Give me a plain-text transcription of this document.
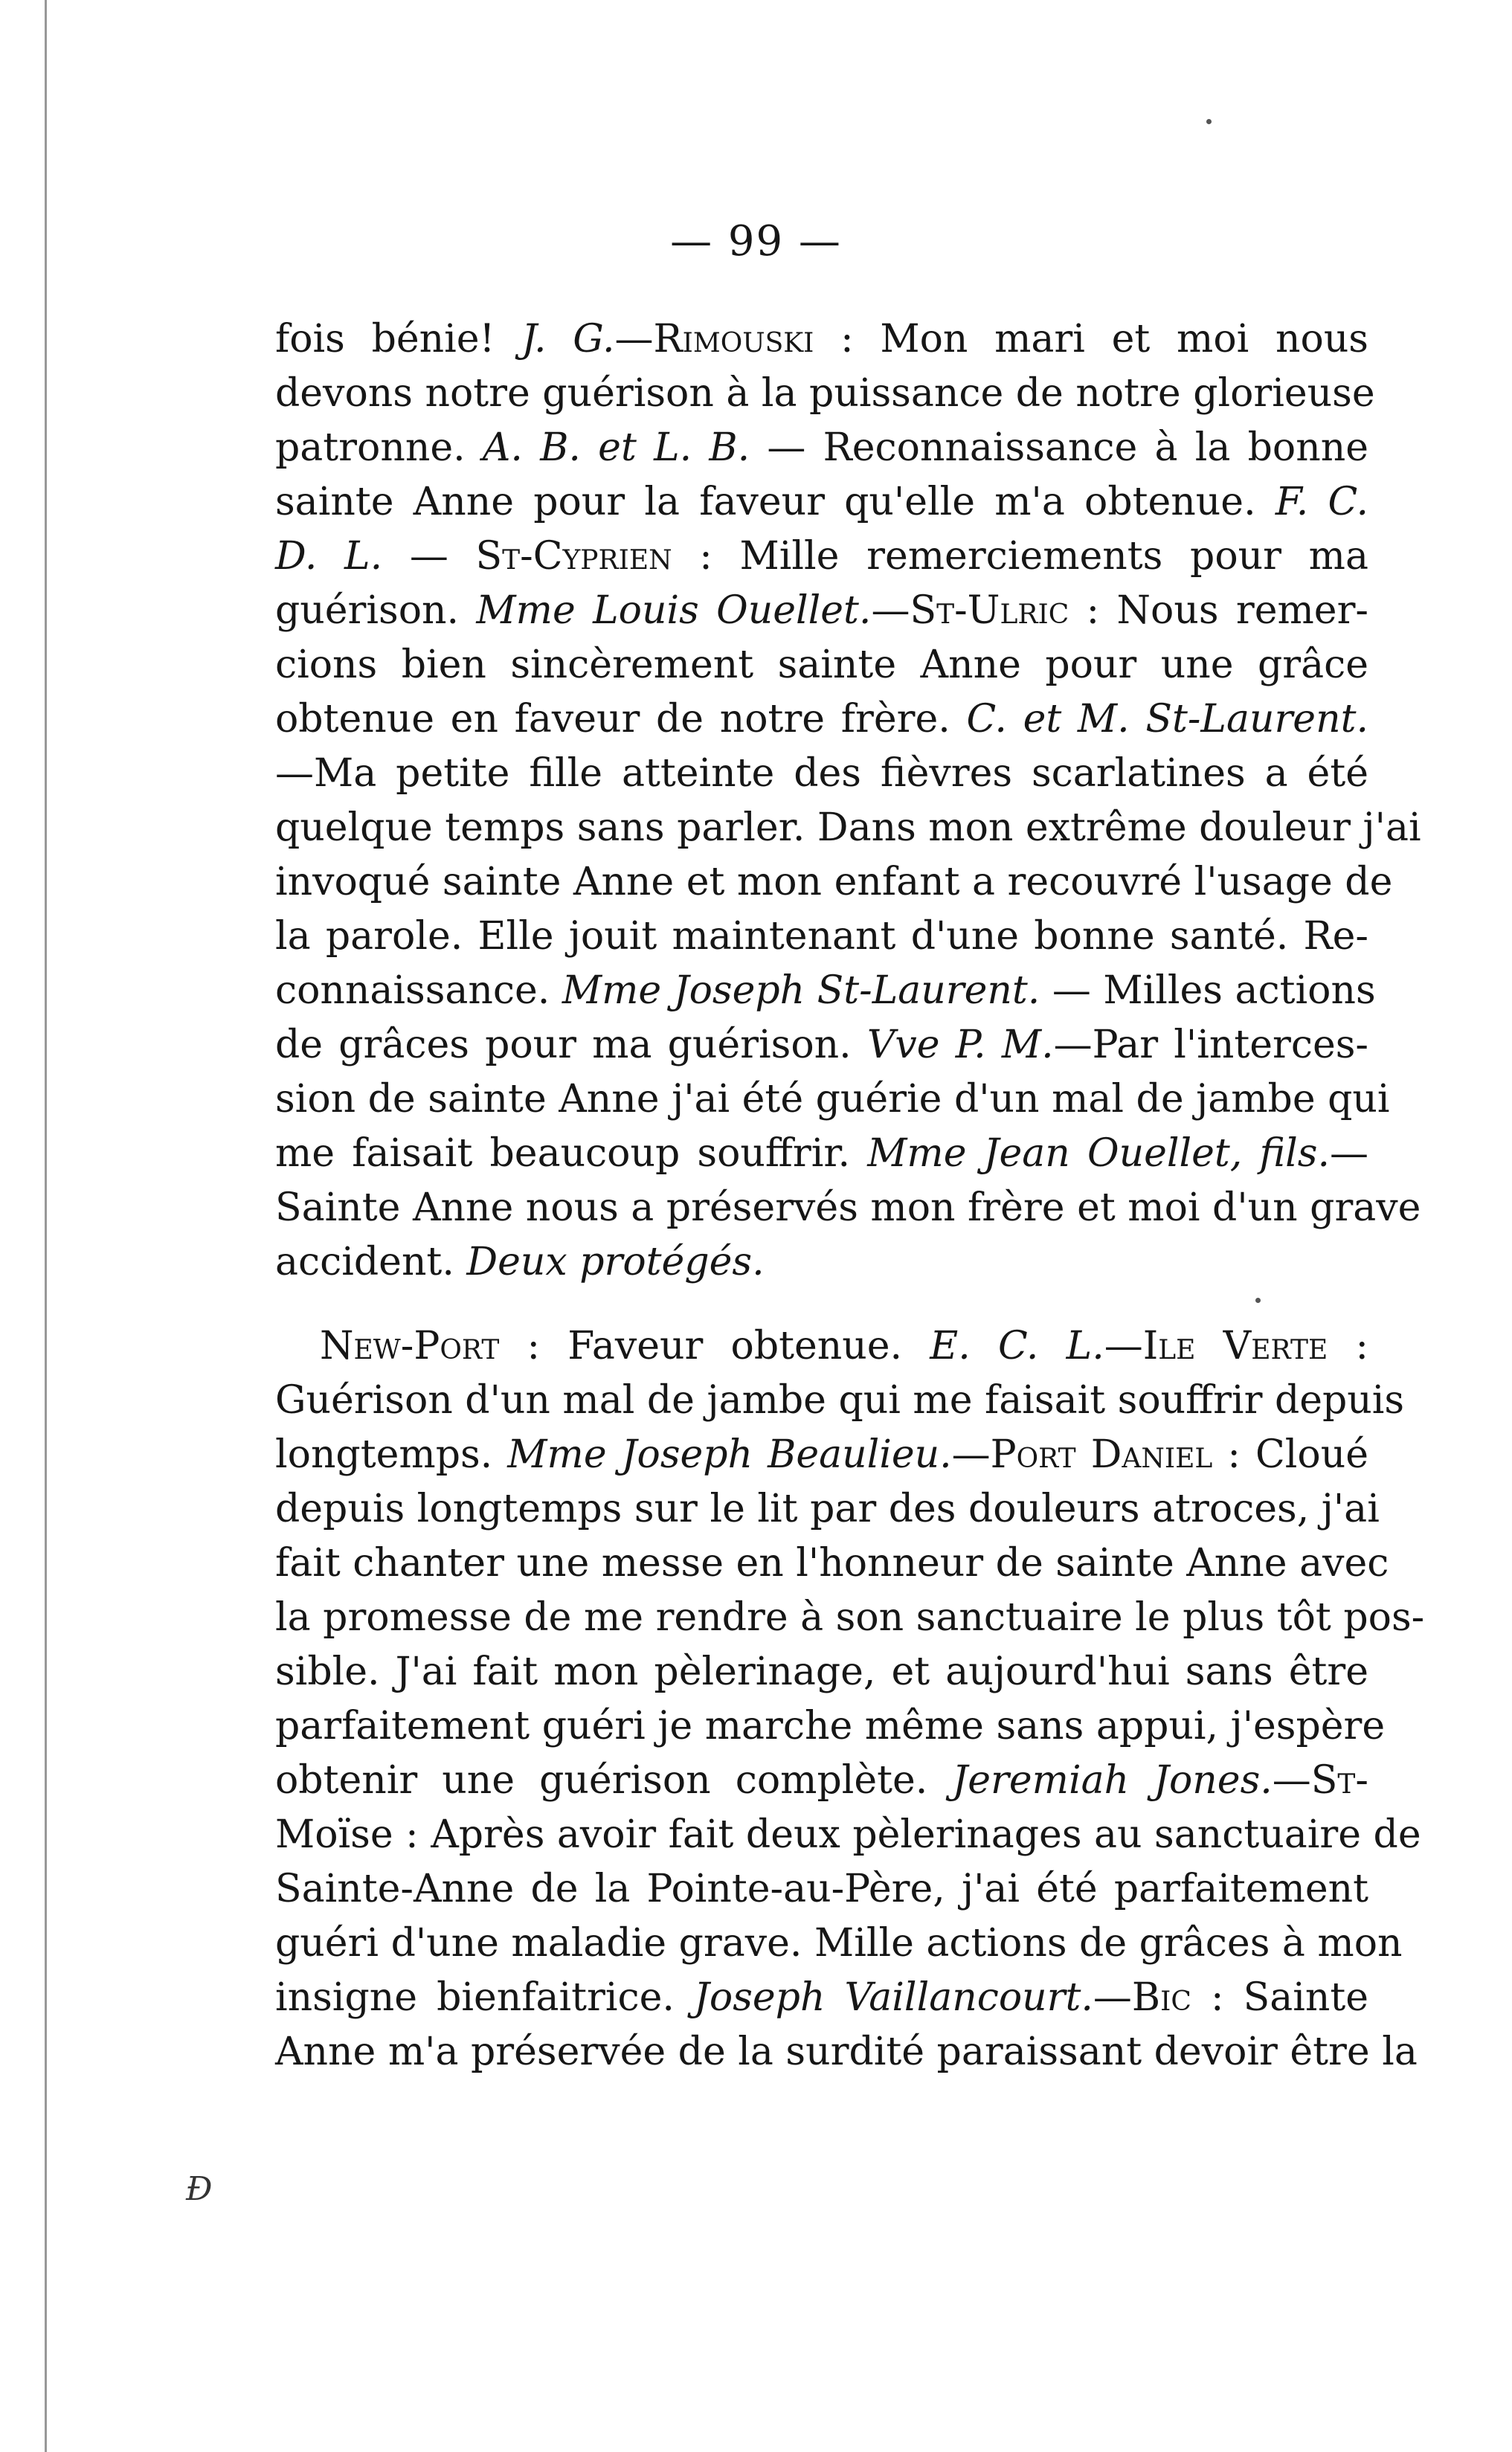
— 99 —
fois bénie! J. G.—Rimouski : Mon mari et moi nous
devons notre guérison à la puissance de notre glorieuse
patronne. A. B. et L. B. — Reconnaissance à la bonne
sainte Anne pour la faveur qu'elle m'a obtenue. F. C.
D. L. — St-Cyprien : Mille remerciements pour ma
guérison. Mme Louis Ouellet.—St-Ulric : Nous remer-
cions bien sincèrement sainte Anne pour une grâce
obtenue en faveur de notre frère. C. et M. St-Laurent.
—Ma petite fille atteinte des fièvres scarlatines a été
quelque temps sans parler. Dans mon extrême douleur j'ai
invoqué sainte Anne et mon enfant a recouvré l'usage de
la parole. Elle jouit maintenant d'une bonne santé. Re-
connaissance. Mme Joseph St-Laurent. — Milles actions
de grâces pour ma guérison. Vve P. M.—Par l'interces-
sion de sainte Anne j'ai été guérie d'un mal de jambe qui
me faisait beaucoup souffrir. Mme Jean Ouellet, fils.—
Sainte Anne nous a préservés mon frère et moi d'un grave
accident. Deux protégés.
New-Port : Faveur obtenue. E. C. L.—Ile Verte :
Guérison d'un mal de jambe qui me faisait souffrir depuis
longtemps. Mme Joseph Beaulieu.—Port Daniel : Cloué
depuis longtemps sur le lit par des douleurs atroces, j'ai
fait chanter une messe en l'honneur de sainte Anne avec
la promesse de me rendre à son sanctuaire le plus tôt pos-
sible. J'ai fait mon pèlerinage, et aujourd'hui sans être
parfaitement guéri je marche même sans appui, j'espère
obtenir une guérison complète. Jeremiah Jones.—St-
Moïse : Après avoir fait deux pèlerinages au sanctuaire de
Sainte-Anne de la Pointe-au-Père, j'ai été parfaitement
guéri d'une maladie grave. Mille actions de grâces à mon
insigne bienfaitrice. Joseph Vaillancourt.—Bic : Sainte
Anne m'a préservée de la surdité paraissant devoir être la
Ð
